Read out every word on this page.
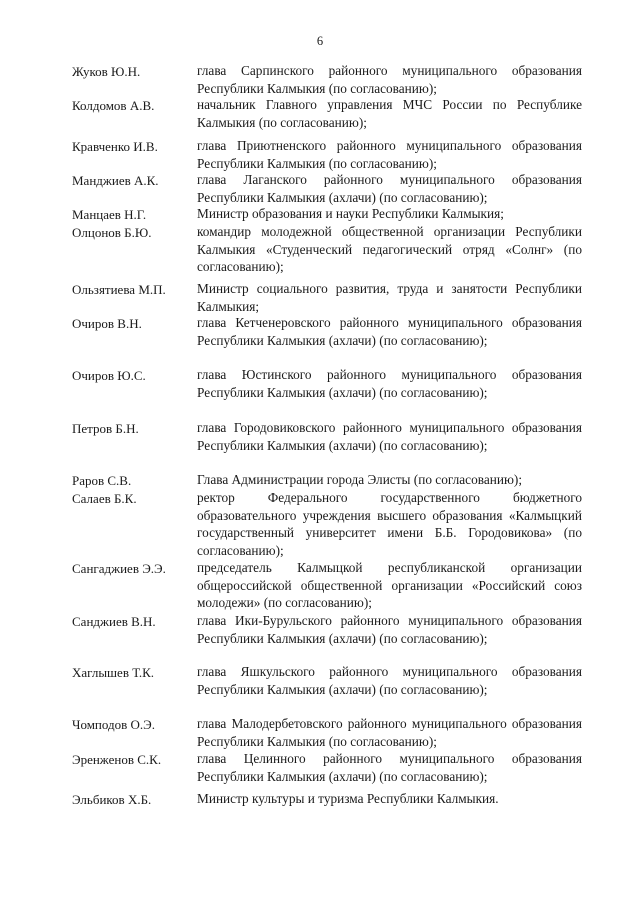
6
Жуков Ю.Н.	глава Сарпинского районного муниципального образования Республики Калмыкия (по согласованию);
Колдомов А.В.	начальник Главного управления МЧС России по Республике Калмыкия (по согласованию);
Кравченко И.В.	глава Приютненского районного муниципального образования Республики Калмыкия (по согласованию);
Манджиев А.К.	глава Лаганского районного муниципального образования Республики Калмыкия (ахлачи) (по согласованию);
Манцаев Н.Г.	Министр образования и науки Республики Калмыкия;
Олцонов Б.Ю.	командир молодежной общественной организации Республики Калмыкия «Студенческий педагогический отряд «Солнг» (по согласованию);
Ользятиева М.П.	Министр социального развития, труда и занятости Республики Калмыкия;
Очиров В.Н.	глава Кетченеровского районного муниципального образования Республики Калмыкия (ахлачи) (по согласованию);
Очиров Ю.С.	глава Юстинского районного муниципального образования Республики Калмыкия (ахлачи) (по согласованию);
Петров Б.Н.	глава Городовиковского районного муниципального образования Республики Калмыкия (ахлачи) (по согласованию);
Раров С.В.	Глава Администрации города Элисты (по согласованию);
Салаев Б.К.	ректор Федерального государственного бюджетного образовательного учреждения высшего образования «Калмыцкий государственный университет имени Б.Б. Городовикова» (по согласованию);
Сангаджиев Э.Э.	председатель Калмыцкой республиканской организации общероссийской общественной организации «Российский союз молодежи» (по согласованию);
Санджиев В.Н.	глава Ики-Бурульского районного муниципального образования Республики Калмыкия (ахлачи) (по согласованию);
Хаглышев Т.К.	глава Яшкульского районного муниципального образования Республики Калмыкия (ахлачи) (по согласованию);
Чомподов О.Э.	глава Малодербетовского районного муниципального образования Республики Калмыкия (по согласованию);
Эренженов С.К.	глава Целинного районного муниципального образования Республики Калмыкия (ахлачи) (по согласованию);
Эльбиков Х.Б.	Министр культуры и туризма Республики Калмыкия.
